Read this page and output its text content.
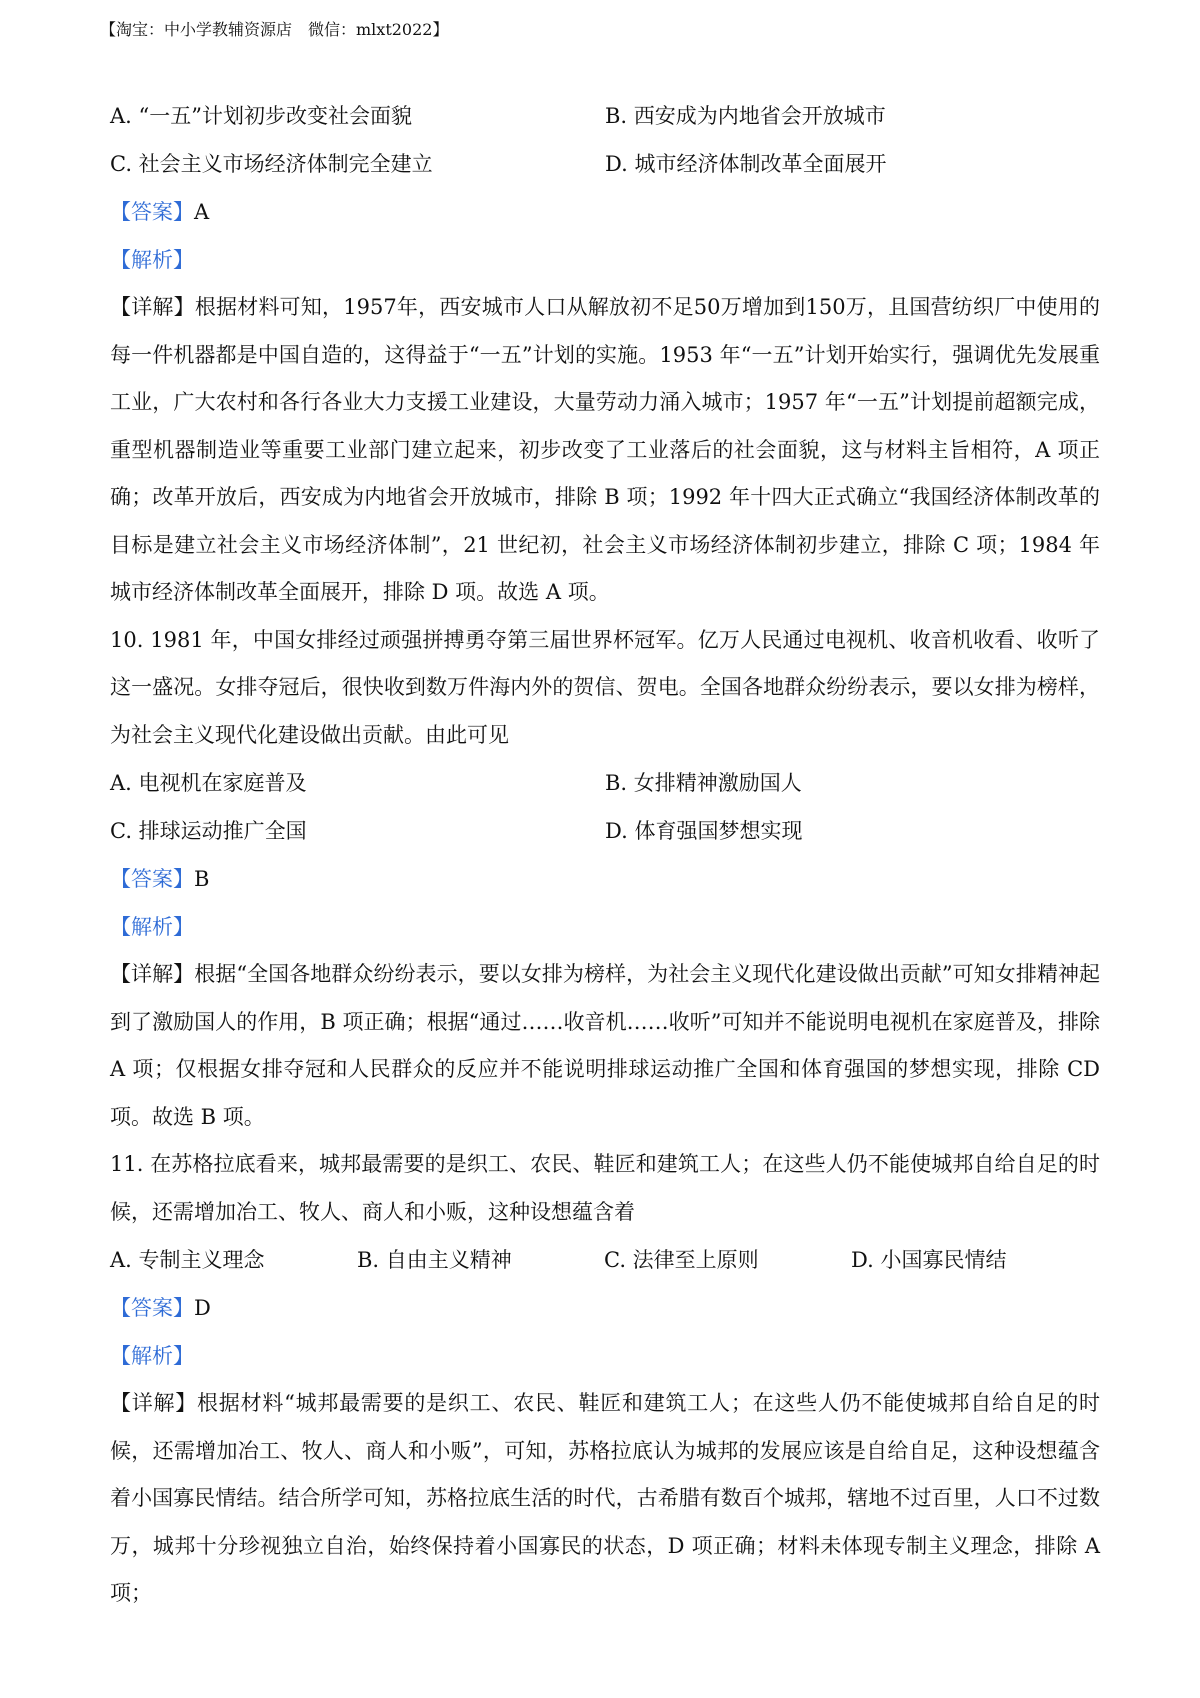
【淘宝：中小学教辅资源店　微信：mlxt2022】
A. “一五”计划初步改变社会面貌	B. 西安成为内地省会开放城市
C. 社会主义市场经济体制完全建立	D. 城市经济体制改革全面展开
【答案】A
【解析】
【详解】根据材料可知，1957年，西安城市人口从解放初不足50万增加到150万，且国营纺织厂中使用的每一件机器都是中国自造的，这得益于“一五”计划的实施。1953 年“一五”计划开始实行，强调优先发展重工业，广大农村和各行各业大力支援工业建设，大量劳动力涌入城市；1957 年“一五”计划提前超额完成，重型机器制造业等重要工业部门建立起来，初步改变了工业落后的社会面貌，这与材料主旨相符，A 项正确；改革开放后，西安成为内地省会开放城市，排除 B 项；1992 年十四大正式确立“我国经济体制改革的目标是建立社会主义市场经济体制”，21 世纪初，社会主义市场经济体制初步建立，排除 C 项；1984 年城市经济体制改革全面展开，排除 D 项。故选 A 项。
10. 1981 年，中国女排经过顽强拼搏勇夺第三届世界杯冠军。亿万人民通过电视机、收音机收看、收听了这一盛况。女排夺冠后，很快收到数万件海内外的贺信、贺电。全国各地群众纷纷表示，要以女排为榜样，为社会主义现代化建设做出贡献。由此可见
A. 电视机在家庭普及	B. 女排精神激励国人
C. 排球运动推广全国	D. 体育强国梦想实现
【答案】B
【解析】
【详解】根据“全国各地群众纷纷表示，要以女排为榜样，为社会主义现代化建设做出贡献”可知女排精神起到了激励国人的作用，B 项正确；根据“通过……收音机……收听”可知并不能说明电视机在家庭普及，排除 A 项；仅根据女排夺冠和人民群众的反应并不能说明排球运动推广全国和体育强国的梦想实现，排除 CD 项。故选 B 项。
11. 在苏格拉底看来，城邦最需要的是织工、农民、鞋匠和建筑工人；在这些人仍不能使城邦自给自足的时候，还需增加冶工、牧人、商人和小贩，这种设想蕴含着
A. 专制主义理念	B. 自由主义精神	C. 法律至上原则	D. 小国寡民情结
【答案】D
【解析】
【详解】根据材料“城邦最需要的是织工、农民、鞋匠和建筑工人；在这些人仍不能使城邦自给自足的时候，还需增加冶工、牧人、商人和小贩”，可知，苏格拉底认为城邦的发展应该是自给自足，这种设想蕴含着小国寡民情结。结合所学可知，苏格拉底生活的时代，古希腊有数百个城邦，辖地不过百里，人口不过数万，城邦十分珍视独立自治，始终保持着小国寡民的状态，D 项正确；材料未体现专制主义理念，排除 A 项；
